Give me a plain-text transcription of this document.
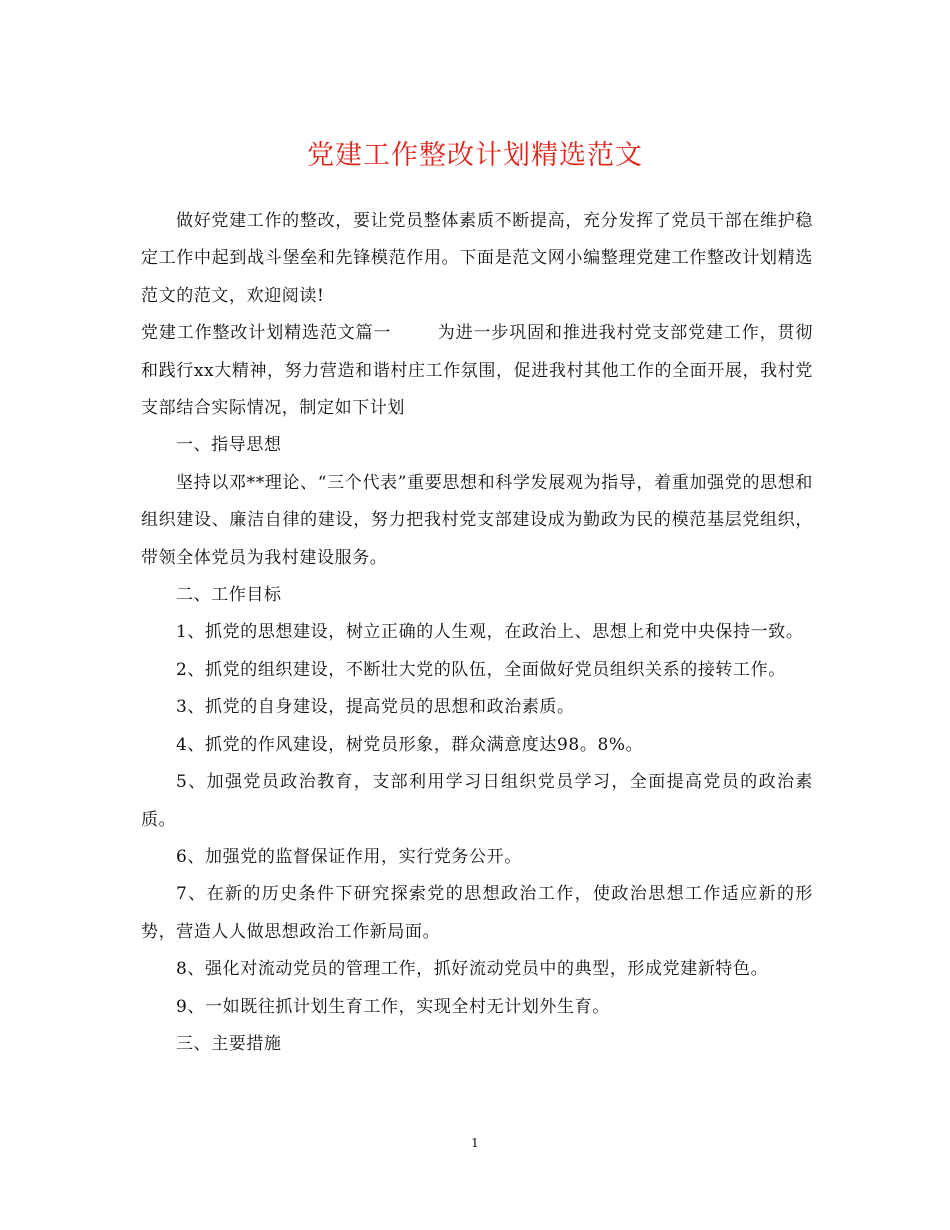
党建工作整改计划精选范文

做好党建工作的整改，要让党员整体素质不断提高，充分发挥了党员干部在维护稳定工作中起到战斗堡垒和先锋模范作用。下面是范文网小编整理党建工作整改计划精选范文的范文，欢迎阅读!

党建工作整改计划精选范文篇一	为进一步巩固和推进我村党支部党建工作，贯彻和践行xx大精神，努力营造和谐村庄工作氛围，促进我村其他工作的全面开展，我村党支部结合实际情况，制定如下计划

一、指导思想

坚持以邓**理论、“三个代表”重要思想和科学发展观为指导，着重加强党的思想和组织建设、廉洁自律的建设，努力把我村党支部建设成为勤政为民的模范基层党组织，带领全体党员为我村建设服务。

二、工作目标

1、抓党的思想建设，树立正确的人生观，在政治上、思想上和党中央保持一致。

2、抓党的组织建设，不断壮大党的队伍，全面做好党员组织关系的接转工作。

3、抓党的自身建设，提高党员的思想和政治素质。

4、抓党的作风建设，树党员形象，群众满意度达98。8%。

5、加强党员政治教育，支部利用学习日组织党员学习，全面提高党员的政治素质。

6、加强党的监督保证作用，实行党务公开。

7、在新的历史条件下研究探索党的思想政治工作，使政治思想工作适应新的形势，营造人人做思想政治工作新局面。

8、强化对流动党员的管理工作，抓好流动党员中的典型，形成党建新特色。

9、一如既往抓计划生育工作，实现全村无计划外生育。

三、主要措施

1
